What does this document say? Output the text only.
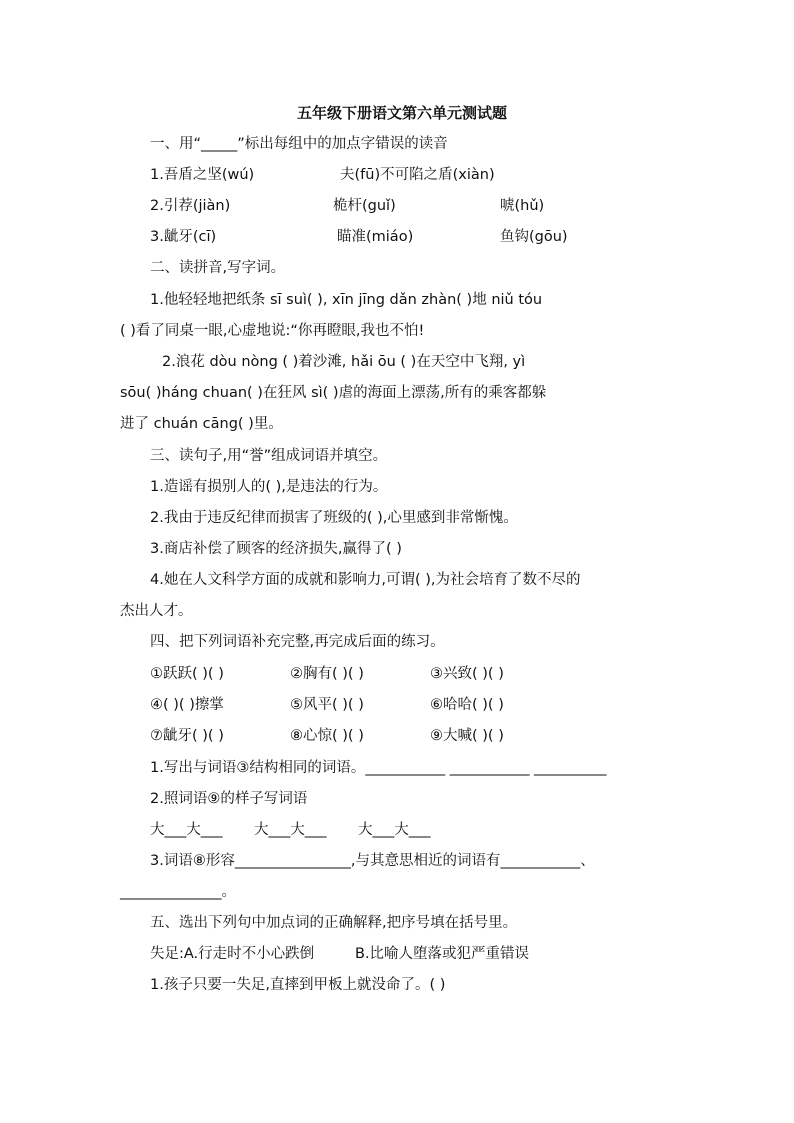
五年级下册语文第六单元测试题
一、用“_____”标出每组中的加点字错误的读音
1.吾盾之坚(wú)	夫(fū)不可陷之盾(xiàn)
2.引荐(jiàn)	桅杆(guǐ)	唬(hǔ)
3.龇牙(cī)	瞄准(miáo)	鱼钩(gōu)
二、读拼音,写字词。
1.他轻轻地把纸条 sī suì( ), xīn jīng dǎn zhàn( )地 niǔ tóu
( )看了同桌一眼,心虚地说:“你再瞪眼,我也不怕!
2.浪花 dòu nòng ( )着沙滩, hǎi ōu ( )在天空中飞翔, yì
sōu( )háng chuan( )在狂风 sì( )虐的海面上漂荡,所有的乘客都躲
进了 chuán cāng( )里。
三、读句子,用“誉”组成词语并填空。
1.造谣有损别人的( ),是违法的行为。
2.我由于违反纪律而损害了班级的( ),心里感到非常惭愧。
3.商店补偿了顾客的经济损失,赢得了( )
4.她在人文科学方面的成就和影响力,可谓( ),为社会培育了数不尽的
杰出人才。
四、把下列词语补充完整,再完成后面的练习。
①跃跃( )( )	②胸有( )( )	③兴致( )( )
④( )( )擦掌	⑤风平( )( )	⑥哈哈( )( )
⑦龇牙( )( )	⑧心惊( )( )	⑨大喊( )( )
1.写出与词语③结构相同的词语。___________ ___________ __________
2.照词语⑨的样子写词语
大___大___ 大___大___ 大___大___
3.词语⑧形容________________,与其意思相近的词语有___________、
______________。
五、选出下列句中加点词的正确解释,把序号填在括号里。
失足:A.行走时不小心跌倒	B.比喻人堕落或犯严重错误
1.孩子只要一失足,直摔到甲板上就没命了。( )
